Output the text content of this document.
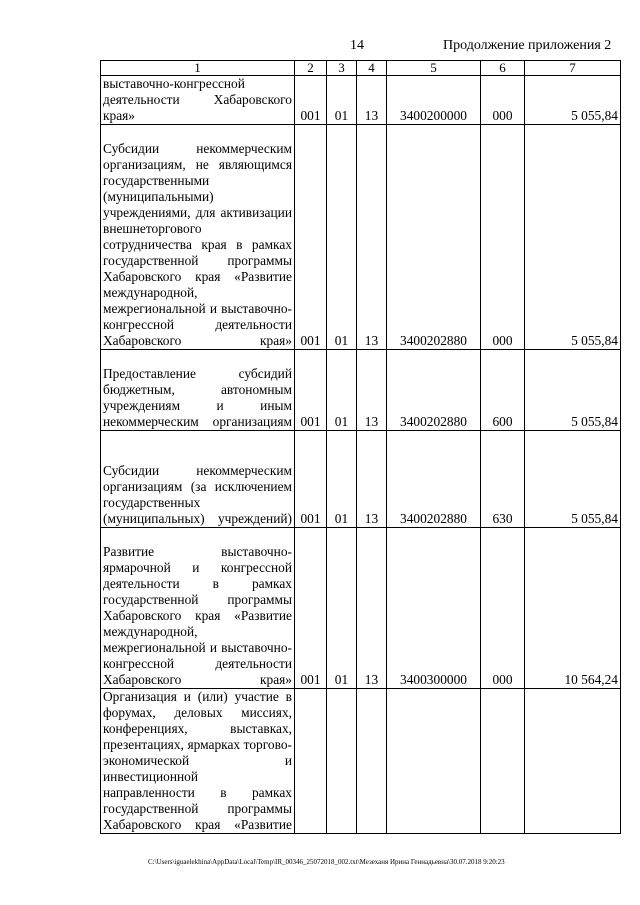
14	Продолжение приложения 2
1	2	3	4	5	6	7
выставочно-конгрессной деятельности Хабаровского края»	001	01	13	3400200000	000	5 055,84
Субсидии некоммерческим организациям, не являющимся государственными (муниципальными) учреждениями, для активизации внешнеторгового сотрудничества края в рамках государственной программы Хабаровского края «Развитие международной, межрегиональной и выставочно-конгрессной деятельности Хабаровского края»	001	01	13	3400202880	000	5 055,84
Предоставление субсидий бюджетным, автономным учреждениям и иным некоммерческим организациям	001	01	13	3400202880	600	5 055,84
Субсидии некоммерческим организациям (за исключением государственных (муниципальных) учреждений)	001	01	13	3400202880	630	5 055,84
Развитие выставочно-ярмарочной и конгрессной деятельности в рамках государственной программы Хабаровского края «Развитие международной, межрегиональной и выставочно-конгрессной деятельности Хабаровского края»	001	01	13	3400300000	000	10 564,24
Организация и (или) участие в форумах, деловых миссиях, конференциях, выставках, презентациях, ярмарках торгово-экономической и инвестиционной направленности в рамках государственной программы Хабаровского края «Развитие						
C:\Users\iguaelekhina\AppData\Local\Temp\IR_00346_25072018_002.txt\Мезеханя Ирина Геннадьевна\30.07.2018 9:20:23
